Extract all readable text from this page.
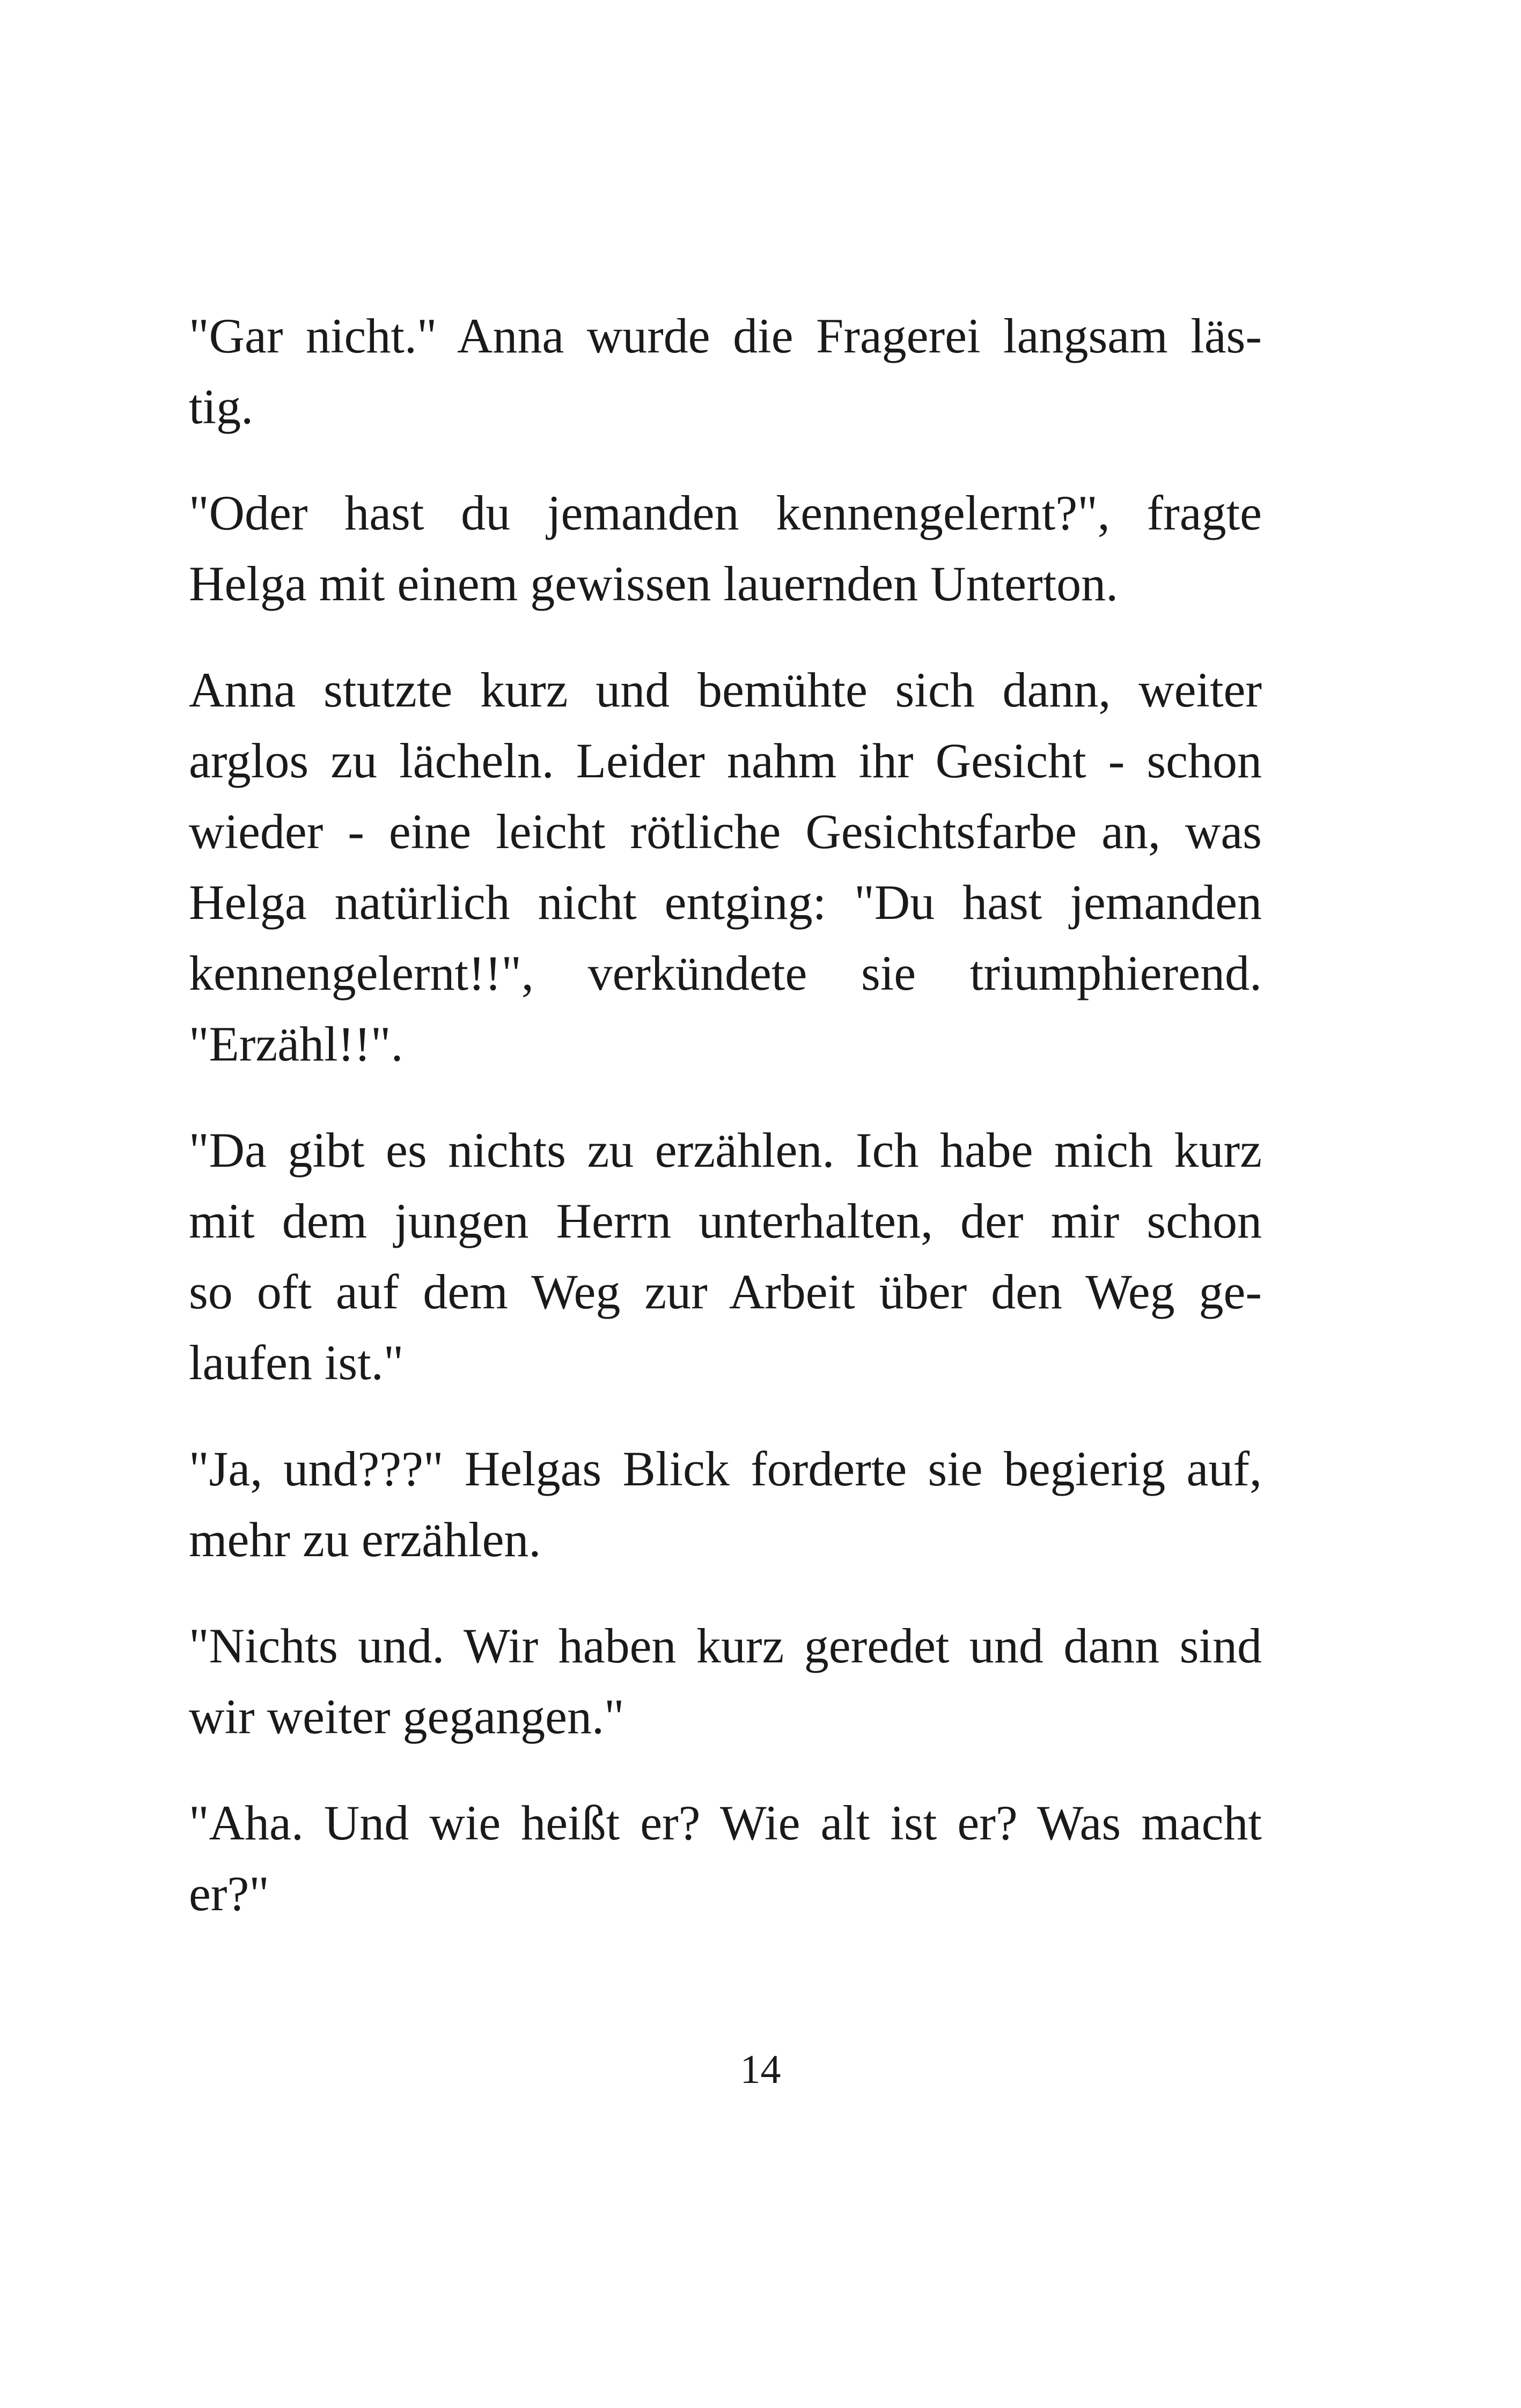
"Gar nicht." Anna wurde die Fragerei langsam läs-
tig.
"Oder hast du jemanden kennengelernt?", fragte
Helga mit einem gewissen lauernden Unterton.
Anna stutzte kurz und bemühte sich dann, weiter
arglos zu lächeln. Leider nahm ihr Gesicht - schon
wieder - eine leicht rötliche Gesichtsfarbe an, was
Helga natürlich nicht entging: "Du hast jemanden
kennengelernt!!", verkündete sie triumphierend.
"Erzähl!!".
"Da gibt es nichts zu erzählen. Ich habe mich kurz
mit dem jungen Herrn unterhalten, der mir schon
so oft auf dem Weg zur Arbeit über den Weg ge-
laufen ist."
"Ja, und???" Helgas Blick forderte sie begierig auf,
mehr zu erzählen.
"Nichts und. Wir haben kurz geredet und dann sind
wir weiter gegangen."
"Aha. Und wie heißt er? Wie alt ist er? Was macht
er?"
14
